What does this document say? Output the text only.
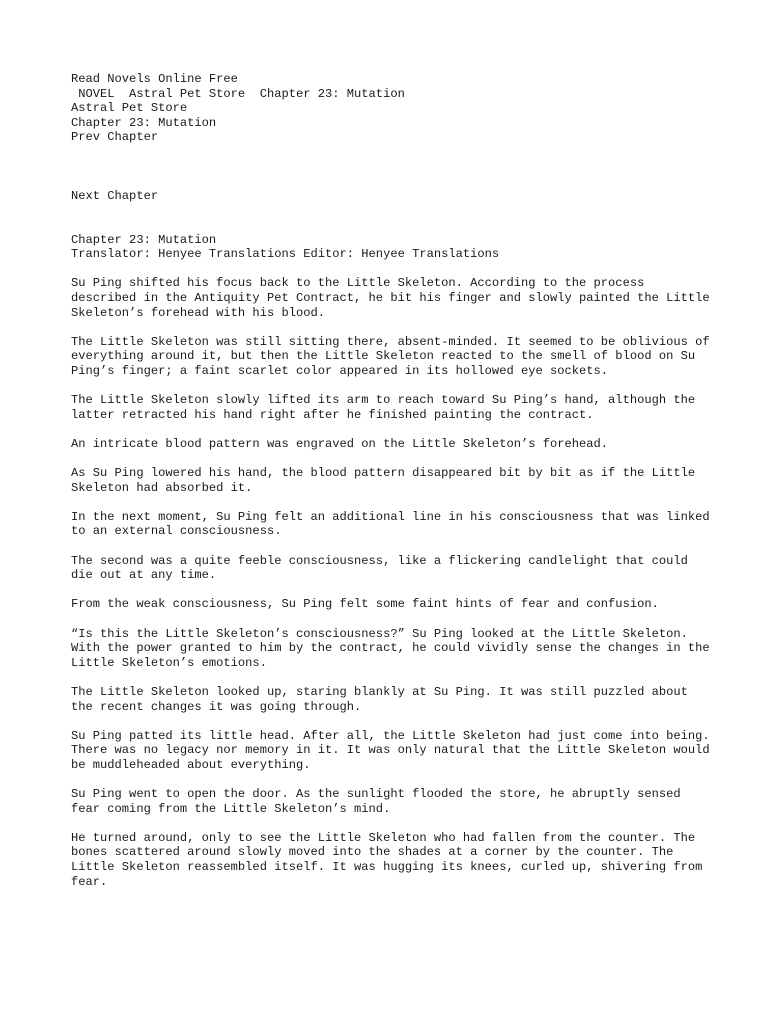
Read Novels Online Free
NOVEL  Astral Pet Store  Chapter 23: Mutation
Astral Pet Store
Chapter 23: Mutation
Prev Chapter
Next Chapter
Chapter 23: Mutation
Translator: Henyee Translations Editor: Henyee Translations

Su Ping shifted his focus back to the Little Skeleton. According to the process described in the Antiquity Pet Contract, he bit his finger and slowly painted the Little Skeleton’s forehead with his blood.

The Little Skeleton was still sitting there, absent-minded. It seemed to be oblivious of everything around it, but then the Little Skeleton reacted to the smell of blood on Su Ping’s finger; a faint scarlet color appeared in its hollowed eye sockets.

The Little Skeleton slowly lifted its arm to reach toward Su Ping’s hand, although the latter retracted his hand right after he finished painting the contract.

An intricate blood pattern was engraved on the Little Skeleton’s forehead.

As Su Ping lowered his hand, the blood pattern disappeared bit by bit as if the Little Skeleton had absorbed it.

In the next moment, Su Ping felt an additional line in his consciousness that was linked to an external consciousness.

The second was a quite feeble consciousness, like a flickering candlelight that could die out at any time.

From the weak consciousness, Su Ping felt some faint hints of fear and confusion.

“Is this the Little Skeleton’s consciousness?” Su Ping looked at the Little Skeleton. With the power granted to him by the contract, he could vividly sense the changes in the Little Skeleton’s emotions.

The Little Skeleton looked up, staring blankly at Su Ping. It was still puzzled about the recent changes it was going through.

Su Ping patted its little head. After all, the Little Skeleton had just come into being. There was no legacy nor memory in it. It was only natural that the Little Skeleton would be muddleheaded about everything.

Su Ping went to open the door. As the sunlight flooded the store, he abruptly sensed fear coming from the Little Skeleton’s mind.

He turned around, only to see the Little Skeleton who had fallen from the counter. The bones scattered around slowly moved into the shades at a corner by the counter. The Little Skeleton reassembled itself. It was hugging its knees, curled up, shivering from fear.
